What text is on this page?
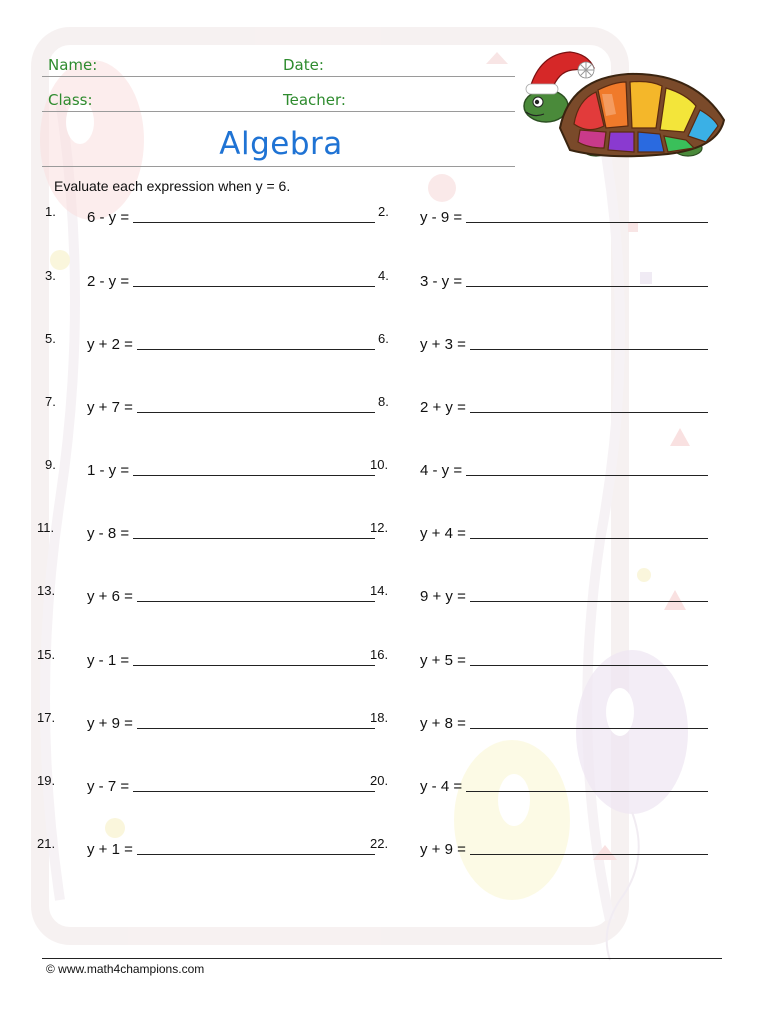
Name:	Date:
Class:	Teacher:
Algebra
Evaluate each expression when y = 6.
1. 6 - y =	2. y - 9 =
3. 2 - y =	4. 3 - y =
5. y + 2 =	6. y + 3 =
7. y + 7 =	8. 2 + y =
9. 1 - y =	10. 4 - y =
11. y - 8 =	12. y + 4 =
13. y + 6 =	14. 9 + y =
15. y - 1 =	16. y + 5 =
17. y + 9 =	18. y + 8 =
19. y - 7 =	20. y - 4 =
21. y + 1 =	22. y + 9 =
© www.math4champions.com
